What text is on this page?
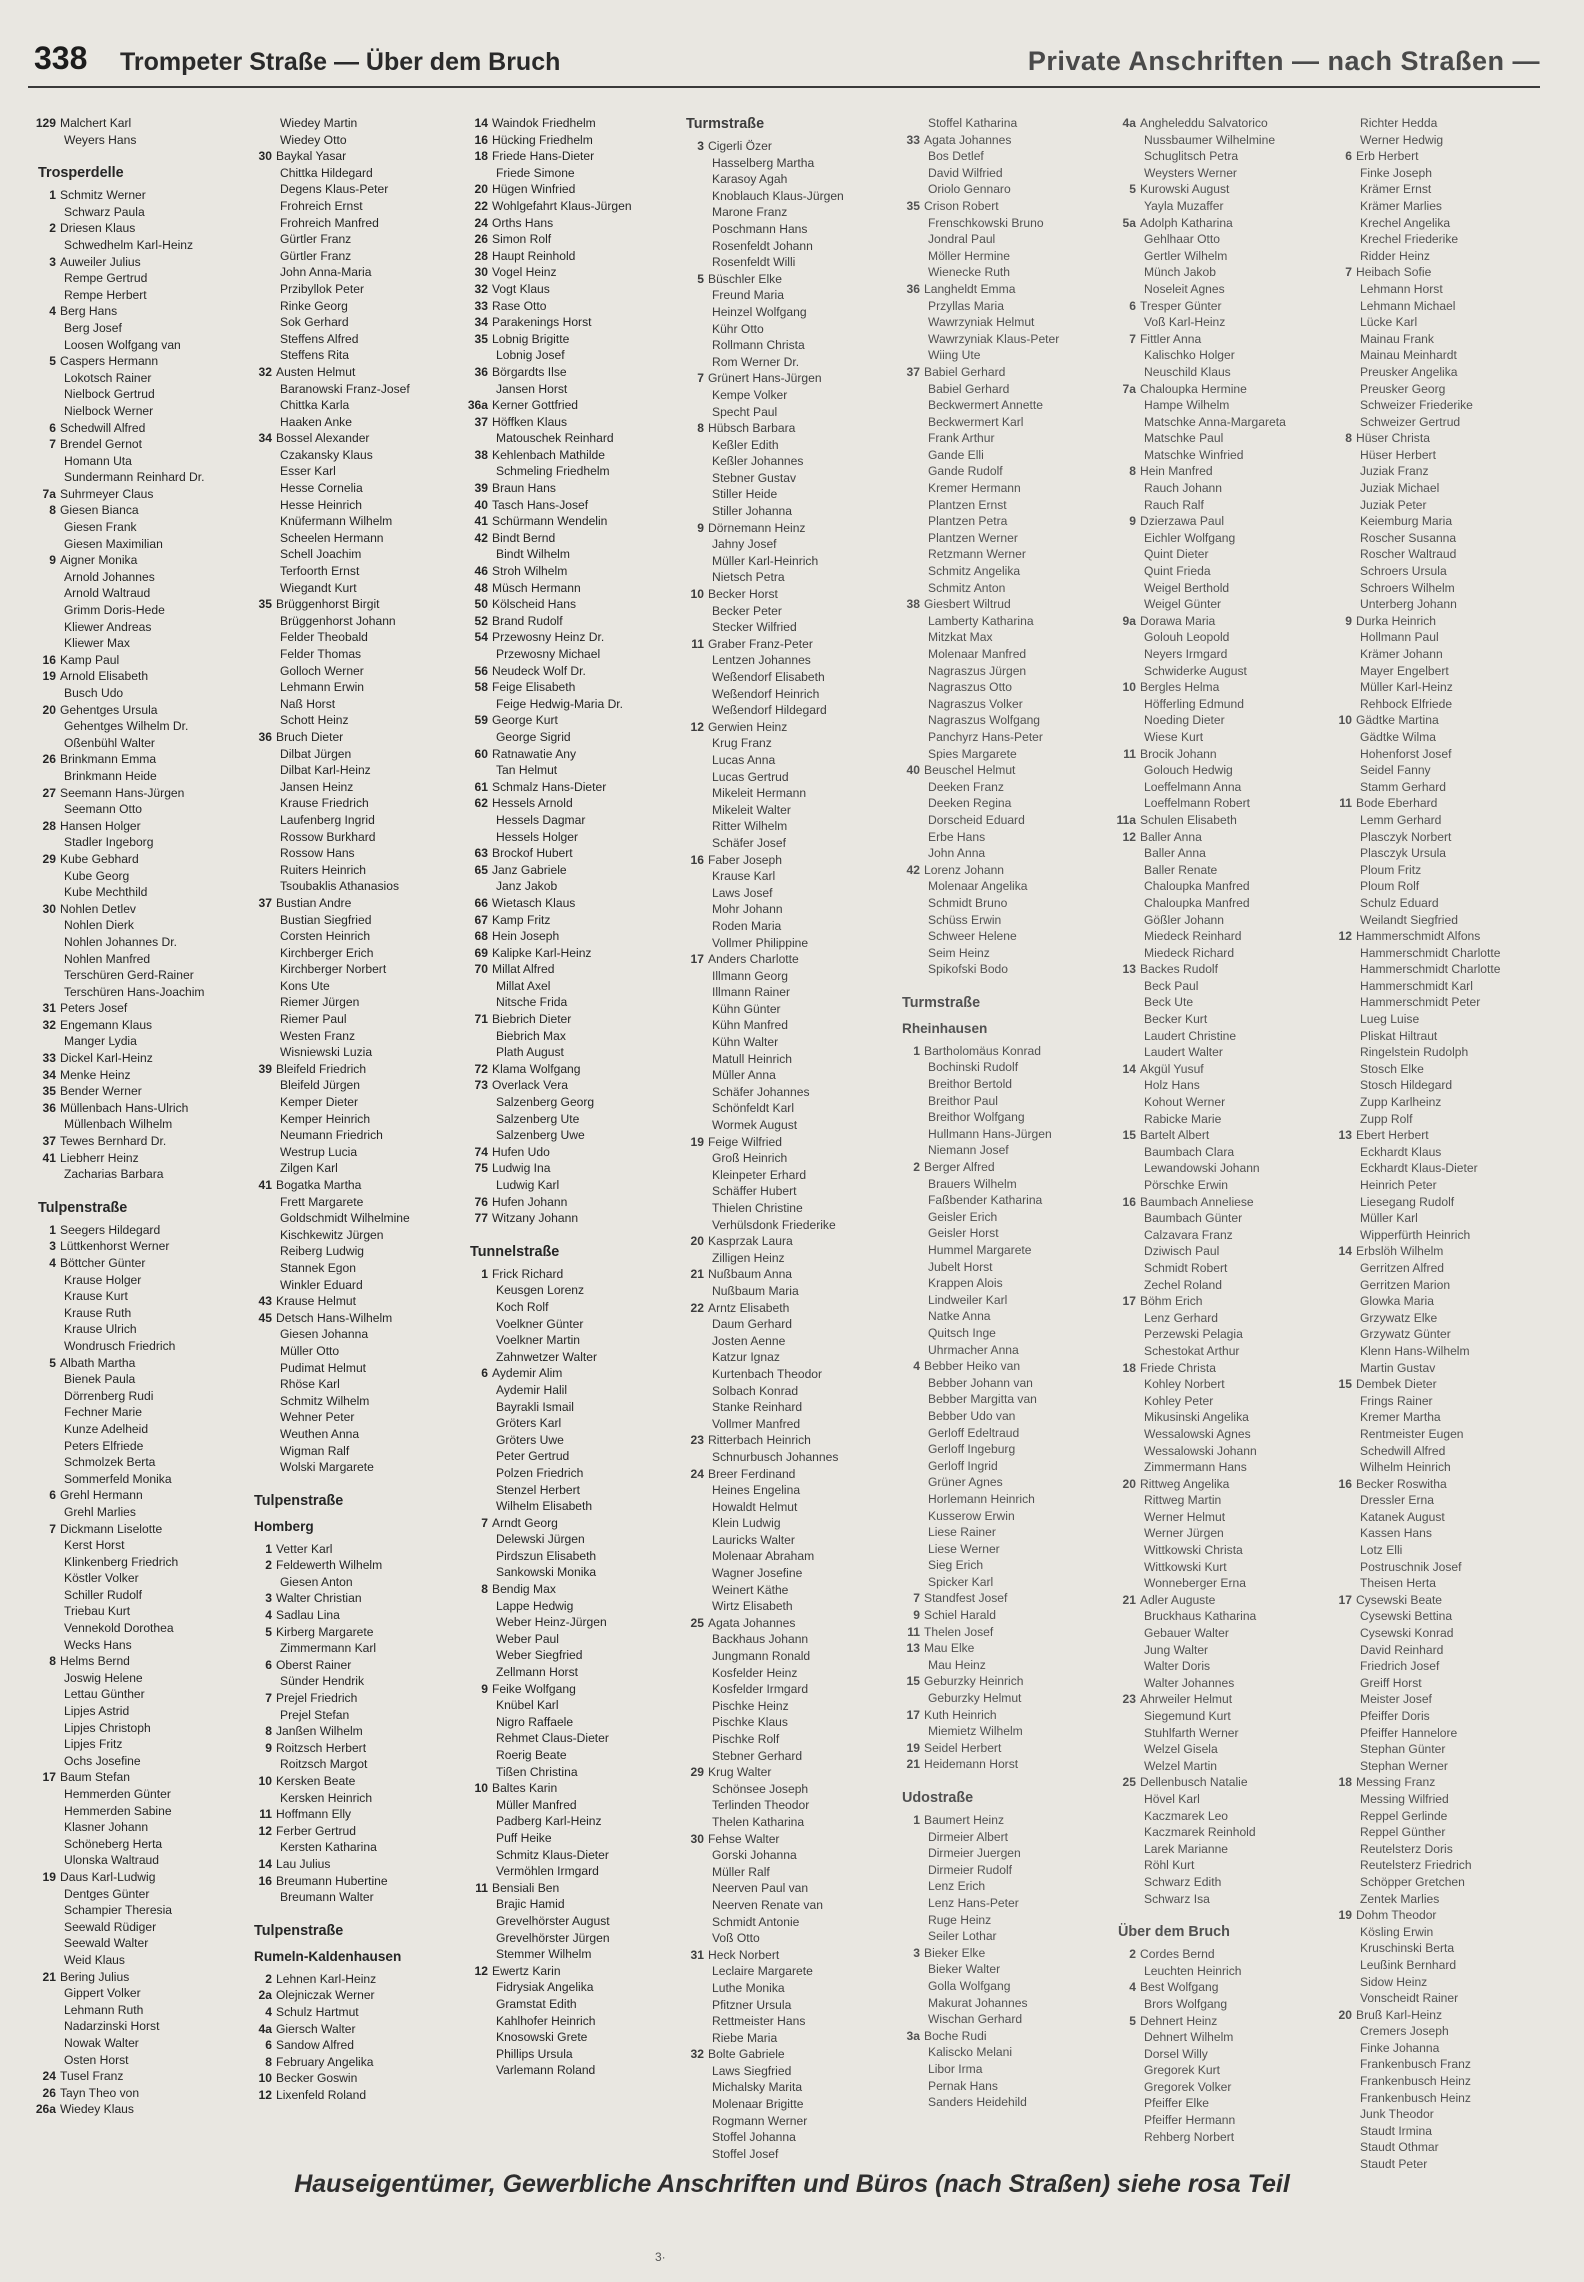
338 Trompeter Straße — Über dem Bruch	Private Anschriften — nach Straßen —
129 Malchert Karl
Weyers Hans
Trosperdelle
1 Schmitz Werner
Schwarz Paula
2 Driesen Klaus
Schwedhelm Karl-Heinz
3 Auweiler Julius
Rempe Gertrud
Rempe Herbert
4 Berg Hans
Berg Josef
Loosen Wolfgang van
5 Caspers Hermann
Lokotsch Rainer
Nielbock Gertrud
Nielbock Werner
6 Schedwill Alfred
7 Brendel Gernot
Homann Uta
Sundermann Reinhard Dr.
7a Suhrmeyer Claus
8 Giesen Bianca
Giesen Frank
Giesen Maximilian
9 Aigner Monika
Arnold Johannes
Arnold Waltraud
Grimm Doris-Hede
Kliewer Andreas
Kliewer Max
16 Kamp Paul
19 Arnold Elisabeth
Busch Udo
20 Gehentges Ursula
Gehentges Wilhelm Dr.
Oßenbühl Walter
26 Brinkmann Emma
Brinkmann Heide
27 Seemann Hans-Jürgen
Seemann Otto
28 Hansen Holger
Stadler Ingeborg
29 Kube Gebhard
Kube Georg
Kube Mechthild
30 Nohlen Detlev
Nohlen Dierk
Nohlen Johannes Dr.
Nohlen Manfred
Terschüren Gerd-Rainer
Terschüren Hans-Joachim
31 Peters Josef
32 Engemann Klaus
Manger Lydia
33 Dickel Karl-Heinz
34 Menke Heinz
35 Bender Werner
36 Müllenbach Hans-Ulrich
Müllenbach Wilhelm
37 Tewes Bernhard Dr.
41 Liebherr Heinz
Zacharias Barbara
Tulpenstraße
1 Seegers Hildegard
3 Lüttkenhorst Werner
4 Böttcher Günter
Krause Holger
Krause Kurt
Krause Ruth
Krause Ulrich
Wondrusch Friedrich
5 Albath Martha
Bienek Paula
Dörrenberg Rudi
Fechner Marie
Kunze Adelheid
Peters Elfriede
Schmolzek Berta
Sommerfeld Monika
6 Grehl Hermann
Grehl Marlies
7 Dickmann Liselotte
Kerst Horst
Klinkenberg Friedrich
Köstler Volker
Schiller Rudolf
Triebau Kurt
Vennekold Dorothea
Wecks Hans
8 Helms Bernd
Joswig Helene
Lettau Günther
Lipjes Astrid
Lipjes Christoph
Lipjes Fritz
Ochs Josefine
17 Baum Stefan
Hemmerden Günter
Hemmerden Sabine
Klasner Johann
Schöneberg Herta
Ulonska Waltraud
19 Daus Karl-Ludwig
Dentges Günter
Schampier Theresia
Seewald Rüdiger
Seewald Walter
Weid Klaus
21 Bering Julius
Gippert Volker
Lehmann Ruth
Nadarzinski Horst
Nowak Walter
Osten Horst
24 Tusel Franz
26 Tayn Theo von
26a Wiedey Klaus
Wiedey Martin
Wiedey Otto
30 Baykal Yasar
Chittka Hildegard
Degens Klaus-Peter
Frohreich Ernst
Frohreich Manfred
Gürtler Franz
Gürtler Franz
John Anna-Maria
Przibyllok Peter
Rinke Georg
Sok Gerhard
Steffens Alfred
Steffens Rita
32 Austen Helmut
Baranowski Franz-Josef
Chittka Karla
Haaken Anke
34 Bossel Alexander
Czakansky Klaus
Esser Karl
Hesse Cornelia
Hesse Heinrich
Knüfermann Wilhelm
Scheelen Hermann
Schell Joachim
Terfoorth Ernst
Wiegandt Kurt
35 Brüggenhorst Birgit
Brüggenhorst Johann
Felder Theobald
Felder Thomas
Golloch Werner
Lehmann Erwin
Naß Horst
Schott Heinz
36 Bruch Dieter
Dilbat Jürgen
Dilbat Karl-Heinz
Jansen Heinz
Krause Friedrich
Laufenberg Ingrid
Rossow Burkhard
Rossow Hans
Ruiters Heinrich
Tsoubaklis Athanasios
37 Bustian Andre
Bustian Siegfried
Corsten Heinrich
Kirchberger Erich
Kirchberger Norbert
Kons Ute
Riemer Jürgen
Riemer Paul
Westen Franz
Wisniewski Luzia
39 Bleifeld Friedrich
Bleifeld Jürgen
Kemper Dieter
Kemper Heinrich
Neumann Friedrich
Westrup Lucia
Zilgen Karl
41 Bogatka Martha
Frett Margarete
Goldschmidt Wilhelmine
Kischkewitz Jürgen
Reiberg Ludwig
Stannek Egon
Winkler Eduard
43 Krause Helmut
45 Detsch Hans-Wilhelm
Giesen Johanna
Müller Otto
Pudimat Helmut
Rhöse Karl
Schmitz Wilhelm
Wehner Peter
Weuthen Anna
Wigman Ralf
Wolski Margarete
Tulpenstraße
Homberg
1 Vetter Karl
2 Feldewerth Wilhelm
Giesen Anton
3 Walter Christian
4 Sadlau Lina
5 Kirberg Margarete
Zimmermann Karl
6 Oberst Rainer
Sünder Hendrik
7 Prejel Friedrich
Prejel Stefan
8 Janßen Wilhelm
9 Roitzsch Herbert
Roitzsch Margot
10 Kersken Beate
Kersken Heinrich
11 Hoffmann Elly
12 Ferber Gertrud
Kersten Katharina
14 Lau Julius
16 Breumann Hubertine
Breumann Walter
Tulpenstraße
Rumeln-Kaldenhausen
2 Lehnen Karl-Heinz
2a Olejniczak Werner
4 Schulz Hartmut
4a Giersch Walter
6 Sandow Alfred
8 February Angelika
10 Becker Goswin
12 Lixenfeld Roland
14 Waindok Friedhelm
16 Hücking Friedhelm
18 Friede Hans-Dieter
Friede Simone
20 Hügen Winfried
22 Wohlgefahrt Klaus-Jürgen
24 Orths Hans
26 Simon Rolf
28 Haupt Reinhold
30 Vogel Heinz
32 Vogt Klaus
33 Rase Otto
34 Parakenings Horst
35 Lobnig Brigitte
Lobnig Josef
36 Börgardts Ilse
Jansen Horst
36a Kerner Gottfried
37 Höffken Klaus
Matouschek Reinhard
38 Kehlenbach Mathilde
Schmeling Friedhelm
39 Braun Hans
40 Tasch Hans-Josef
41 Schürmann Wendelin
42 Bindt Bernd
Bindt Wilhelm
46 Stroh Wilhelm
48 Müsch Hermann
50 Kölscheid Hans
52 Brand Rudolf
54 Przewosny Heinz Dr.
Przewosny Michael
56 Neudeck Wolf Dr.
58 Feige Elisabeth
Feige Hedwig-Maria Dr.
59 George Kurt
George Sigrid
60 Ratnawatie Any
Tan Helmut
61 Schmalz Hans-Dieter
62 Hessels Arnold
Hessels Dagmar
Hessels Holger
63 Brockof Hubert
65 Janz Gabriele
Janz Jakob
66 Wietasch Klaus
67 Kamp Fritz
68 Hein Joseph
69 Kalipke Karl-Heinz
70 Millat Alfred
Millat Axel
Nitsche Frida
71 Biebrich Dieter
Biebrich Max
Plath August
72 Klama Wolfgang
73 Overlack Vera
Salzenberg Georg
Salzenberg Ute
Salzenberg Uwe
74 Hufen Udo
75 Ludwig Ina
Ludwig Karl
76 Hufen Johann
77 Witzany Johann
Tunnelstraße
1 Frick Richard
Keusgen Lorenz
Koch Rolf
Voelkner Günter
Voelkner Martin
Zahnwetzer Walter
6 Aydemir Alim
Aydemir Halil
Bayrakli Ismail
Gröters Karl
Gröters Uwe
Peter Gertrud
Polzen Friedrich
Stenzel Herbert
Wilhelm Elisabeth
7 Arndt Georg
Delewski Jürgen
Pirdszun Elisabeth
Sankowski Monika
8 Bendig Max
Lappe Hedwig
Weber Heinz-Jürgen
Weber Paul
Weber Siegfried
Zellmann Horst
9 Feike Wolfgang
Knübel Karl
Nigro Raffaele
Rehmet Claus-Dieter
Roerig Beate
Tißen Christina
10 Baltes Karin
Müller Manfred
Padberg Karl-Heinz
Puff Heike
Schmitz Klaus-Dieter
Vermöhlen Irmgard
11 Bensiali Ben
Brajic Hamid
Grevelhörster August
Grevelhörster Jürgen
Stemmer Wilhelm
12 Ewertz Karin
Fidrysiak Angelika
Gramstat Edith
Kahlhofer Heinrich
Knosowski Grete
Phillips Ursula
Varlemann Roland
Turmstraße
3 Cigerli Özer
Hasselberg Martha
Karasoy Agah
Knoblauch Klaus-Jürgen
Marone Franz
Poschmann Hans
Rosenfeldt Johann
Rosenfeldt Willi
5 Büschler Elke
Freund Maria
Heinzel Wolfgang
Kühr Otto
Rollmann Christa
Rom Werner Dr.
7 Grünert Hans-Jürgen
Kempe Volker
Specht Paul
8 Hübsch Barbara
Keßler Edith
Keßler Johannes
Stebner Gustav
Stiller Heide
Stiller Johanna
9 Dörnemann Heinz
Jahny Josef
Müller Karl-Heinrich
Nietsch Petra
10 Becker Horst
Becker Peter
Stecker Wilfried
11 Graber Franz-Peter
Lentzen Johannes
Weßendorf Elisabeth
Weßendorf Heinrich
Weßendorf Hildegard
12 Gerwien Heinz
Krug Franz
Lucas Anna
Lucas Gertrud
Mikeleit Hermann
Mikeleit Walter
Ritter Wilhelm
Schäfer Josef
16 Faber Joseph
Krause Karl
Laws Josef
Mohr Johann
Roden Maria
Vollmer Philippine
17 Anders Charlotte
Illmann Georg
Illmann Rainer
Kühn Günter
Kühn Manfred
Kühn Walter
Matull Heinrich
Müller Anna
Schäfer Johannes
Schönfeldt Karl
Wormek August
19 Feige Wilfried
Groß Heinrich
Kleinpeter Erhard
Schäffer Hubert
Thielen Christine
Verhülsdonk Friederike
20 Kasprzak Laura
Zilligen Heinz
21 Nußbaum Anna
Nußbaum Maria
22 Arntz Elisabeth
Daum Gerhard
Josten Aenne
Katzur Ignaz
Kurtenbach Theodor
Solbach Konrad
Stanke Reinhard
Vollmer Manfred
23 Ritterbach Heinrich
Schnurbusch Johannes
24 Breer Ferdinand
Heines Engelina
Howaldt Helmut
Klein Ludwig
Lauricks Walter
Molenaar Abraham
Wagner Josefine
Weinert Käthe
Wirtz Elisabeth
25 Agata Johannes
Backhaus Johann
Jungmann Ronald
Kosfelder Heinz
Kosfelder Irmgard
Pischke Heinz
Pischke Klaus
Pischke Rolf
Stebner Gerhard
29 Krug Walter
Schönsee Joseph
Terlinden Theodor
Thelen Katharina
30 Fehse Walter
Gorski Johanna
Müller Ralf
Neerven Paul van
Neerven Renate van
Schmidt Antonie
Voß Otto
31 Heck Norbert
Leclaire Margarete
Luthe Monika
Pfitzner Ursula
Rettmeister Hans
Riebe Maria
32 Bolte Gabriele
Laws Siegfried
Michalsky Marita
Molenaar Brigitte
Rogmann Werner
Stoffel Johanna
Stoffel Josef
Stoffel Katharina
33 Agata Johannes
Bos Detlef
David Wilfried
Oriolo Gennaro
35 Crison Robert
Frenschkowski Bruno
Jondral Paul
Möller Hermine
Wienecke Ruth
36 Langheldt Emma
Przyllas Maria
Wawrzyniak Helmut
Wawrzyniak Klaus-Peter
Wiing Ute
37 Babiel Gerhard
Babiel Gerhard
Beckwermert Annette
Beckwermert Karl
Frank Arthur
Gande Elli
Gande Rudolf
Kremer Hermann
Plantzen Ernst
Plantzen Petra
Plantzen Werner
Retzmann Werner
Schmitz Angelika
Schmitz Anton
38 Giesbert Wiltrud
Lamberty Katharina
Mitzkat Max
Molenaar Manfred
Nagraszus Jürgen
Nagraszus Otto
Nagraszus Volker
Nagraszus Wolfgang
Panchyrz Hans-Peter
Spies Margarete
40 Beuschel Helmut
Deeken Franz
Deeken Regina
Dorscheid Eduard
Erbe Hans
John Anna
42 Lorenz Johann
Molenaar Angelika
Schmidt Bruno
Schüss Erwin
Schweer Helene
Seim Heinz
Spikofski Bodo
Turmstraße
Rheinhausen
1 Bartholomäus Konrad
Bochinski Rudolf
Breithor Bertold
Breithor Paul
Breithor Wolfgang
Hullmann Hans-Jürgen
Niemann Josef
2 Berger Alfred
Brauers Wilhelm
Faßbender Katharina
Geisler Erich
Geisler Horst
Hummel Margarete
Jubelt Horst
Krappen Alois
Lindweiler Karl
Natke Anna
Quitsch Inge
Uhrmacher Anna
4 Bebber Heiko van
Bebber Johann van
Bebber Margitta van
Bebber Udo van
Gerloff Edeltraud
Gerloff Ingeburg
Gerloff Ingrid
Grüner Agnes
Horlemann Heinrich
Kusserow Erwin
Liese Rainer
Liese Werner
Sieg Erich
Spicker Karl
7 Standfest Josef
9 Schiel Harald
11 Thelen Josef
13 Mau Elke
Mau Heinz
15 Geburzky Heinrich
Geburzky Helmut
17 Kuth Heinrich
Miemietz Wilhelm
19 Seidel Herbert
21 Heidemann Horst
Udostraße
1 Baumert Heinz
Dirmeier Albert
Dirmeier Juergen
Dirmeier Rudolf
Lenz Erich
Lenz Hans-Peter
Ruge Heinz
Seiler Lothar
3 Bieker Elke
Bieker Walter
Golla Wolfgang
Makurat Johannes
Wischan Gerhard
3a Boche Rudi
Kaliscko Melani
Libor Irma
Pernak Hans
Sanders Heidehild
4a Angheleddu Salvatorico
Nussbaumer Wilhelmine
Schuglitsch Petra
Weysters Werner
5 Kurowski August
Yayla Muzaffer
5a Adolph Katharina
Gehlhaar Otto
Gertler Wilhelm
Münch Jakob
Noseleit Agnes
6 Tresper Günter
Voß Karl-Heinz
7 Fittler Anna
Kalischko Holger
Neuschild Klaus
7a Chaloupka Hermine
Hampe Wilhelm
Matschke Anna-Margareta
Matschke Paul
Matschke Winfried
8 Hein Manfred
Rauch Johann
Rauch Ralf
9 Dzierzawa Paul
Eichler Wolfgang
Quint Dieter
Quint Frieda
Weigel Berthold
Weigel Günter
9a Dorawa Maria
Golouh Leopold
Neyers Irmgard
Schwiderke August
10 Bergles Helma
Höfferling Edmund
Noeding Dieter
Wiese Kurt
11 Brocik Johann
Golouch Hedwig
Loeffelmann Anna
Loeffelmann Robert
11a Schulen Elisabeth
12 Baller Anna
Baller Anna
Baller Renate
Chaloupka Manfred
Chaloupka Manfred
Gößler Johann
Miedeck Reinhard
Miedeck Richard
13 Backes Rudolf
Beck Paul
Beck Ute
Becker Kurt
Laudert Christine
Laudert Walter
14 Akgül Yusuf
Holz Hans
Kohout Werner
Rabicke Marie
15 Bartelt Albert
Baumbach Clara
Lewandowski Johann
Pörschke Erwin
16 Baumbach Anneliese
Baumbach Günter
Calzavara Franz
Dziwisch Paul
Schmidt Robert
Zechel Roland
17 Böhm Erich
Lenz Gerhard
Perzewski Pelagia
Schestokat Arthur
18 Friede Christa
Kohley Norbert
Kohley Peter
Mikusinski Angelika
Wessalowski Agnes
Wessalowski Johann
Zimmermann Hans
20 Rittweg Angelika
Rittweg Martin
Werner Helmut
Werner Jürgen
Wittkowski Christa
Wittkowski Kurt
Wonneberger Erna
21 Adler Auguste
Bruckhaus Katharina
Gebauer Walter
Jung Walter
Walter Doris
Walter Johannes
23 Ahrweiler Helmut
Siegemund Kurt
Stuhlfarth Werner
Welzel Gisela
Welzel Martin
25 Dellenbusch Natalie
Hövel Karl
Kaczmarek Leo
Kaczmarek Reinhold
Larek Marianne
Röhl Kurt
Schwarz Edith
Schwarz Isa
Über dem Bruch
2 Cordes Bernd
Leuchten Heinrich
4 Best Wolfgang
Brors Wolfgang
5 Dehnert Heinz
Dehnert Wilhelm
Dorsel Willy
Gregorek Kurt
Gregorek Volker
Pfeiffer Elke
Pfeiffer Hermann
Rehberg Norbert
Richter Hedda
Werner Hedwig
6 Erb Herbert
Finke Joseph
Krämer Ernst
Krämer Marlies
Krechel Angelika
Krechel Friederike
Ridder Heinz
7 Heibach Sofie
Lehmann Horst
Lehmann Michael
Lücke Karl
Mainau Frank
Mainau Meinhardt
Preusker Angelika
Preusker Georg
Schweizer Friederike
Schweizer Gertrud
8 Hüser Christa
Hüser Herbert
Juziak Franz
Juziak Michael
Juziak Peter
Keiemburg Maria
Roscher Susanna
Roscher Waltraud
Schroers Ursula
Schroers Wilhelm
Unterberg Johann
9 Durka Heinrich
Hollmann Paul
Krämer Johann
Mayer Engelbert
Müller Karl-Heinz
Rehbock Elfriede
10 Gädtke Martina
Gädtke Wilma
Hohenforst Josef
Seidel Fanny
Stamm Gerhard
11 Bode Eberhard
Lemm Gerhard
Plasczyk Norbert
Plasczyk Ursula
Ploum Fritz
Ploum Rolf
Schulz Eduard
Weilandt Siegfried
12 Hammerschmidt Alfons
Hammerschmidt Charlotte
Hammerschmidt Charlotte
Hammerschmidt Karl
Hammerschmidt Peter
Lueg Luise
Pliskat Hiltraut
Ringelstein Rudolph
Stosch Elke
Stosch Hildegard
Zupp Karlheinz
Zupp Rolf
13 Ebert Herbert
Eckhardt Klaus
Eckhardt Klaus-Dieter
Heinrich Peter
Liesegang Rudolf
Müller Karl
Wipperfürth Heinrich
14 Erbslöh Wilhelm
Gerritzen Alfred
Gerritzen Marion
Glowka Maria
Grzywatz Elke
Grzywatz Günter
Klenn Hans-Wilhelm
Martin Gustav
15 Dembek Dieter
Frings Rainer
Kremer Martha
Rentmeister Eugen
Schedwill Alfred
Wilhelm Heinrich
16 Becker Roswitha
Dressler Erna
Katanek August
Kassen Hans
Lotz Elli
Postruschnik Josef
Theisen Herta
17 Cysewski Beate
Cysewski Bettina
Cysewski Konrad
David Reinhard
Friedrich Josef
Greiff Horst
Meister Josef
Pfeiffer Doris
Pfeiffer Hannelore
Stephan Günter
Stephan Werner
18 Messing Franz
Messing Wilfried
Reppel Gerlinde
Reppel Günther
Reutelsterz Doris
Reutelsterz Friedrich
Schöpper Gretchen
Zentek Marlies
19 Dohm Theodor
Kösling Erwin
Kruschinski Berta
Leußink Bernhard
Sidow Heinz
Vonscheidt Rainer
20 Bruß Karl-Heinz
Cremers Joseph
Finke Johanna
Frankenbusch Franz
Frankenbusch Heinz
Frankenbusch Heinz
Junk Theodor
Staudt Irmina
Staudt Othmar
Staudt Peter
Hauseigentümer, Gewerbliche Anschriften und Büros (nach Straßen) siehe rosa Teil
3·
